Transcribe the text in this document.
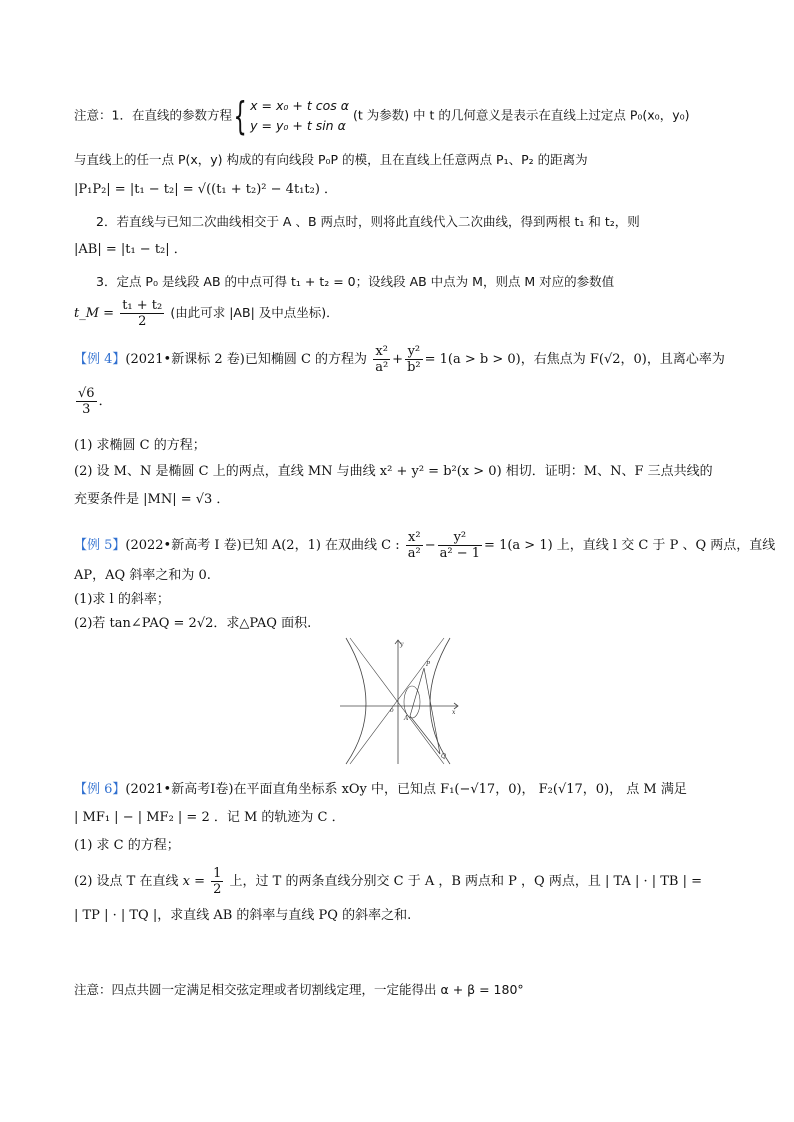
注意：1．在直线的参数方程{ x = x₀ + t cos α
y = y₀ + t sin α
(t 为参数) 中 t 的几何意义是表示在直线上过定点 P₀(x₀，y₀)
与直线上的任一点 P(x，y) 构成的有向线段 P₀P 的模，且在直线上任意两点 P₁、P₂ 的距离为
|P₁P₂| = |t₁ − t₂| = √((t₁ + t₂)² − 4t₁t₂) ．
2．若直线与已知二次曲线相交于 A 、B 两点时，则将此直线代入二次曲线，得到两根 t₁ 和 t₂，则
|AB| = |t₁ − t₂| ．
3．定点 P₀ 是线段 AB 的中点可得 t₁ + t₂ = 0；设线段 AB 中点为 M，则点 M 对应的参数值
t_M = $\frac{\text{t₁ + t₂}}{2}$ (由此可求 |AB| 及中点坐标)．
【例 4】(2021•新课标 2 卷)已知椭圆 C 的方程为 $\frac{\text{x²}}{\text{a²}} + \frac{\text{y²}}{\text{b²}} = 1(a > b > 0)$，右焦点为 F(√2，0)，且离心率为
$\frac{√6}{3}$ ．
(1) 求椭圆 C 的方程；
(2) 设 M、N 是椭圆 C 上的两点，直线 MN 与曲线 x² + y² = b²(x > 0) 相切．证明：M、N、F 三点共线的
充要条件是 |MN| = √3 ．
【例 5】(2022•新高考 Ⅰ 卷)已知 A(2，1) 在双曲线 C : $\frac{\text{x²}}{\text{a²}} - \frac{\text{y²}}{\text{a² − 1}} = 1(a > 1)$ 上，直线 l 交 C 于 P 、Q 两点，直线
AP，AQ 斜率之和为 0.
(1)求 l 的斜率；
(2)若 tan∠PAQ = 2√2．求△PAQ 面积.
y
x
o
A
P
Q
【例 6】(2021•新高考Ⅰ卷)在平面直角坐标系 xOy 中，已知点 F₁(−√17，0)， F₂(√17，0)， 点 M 满足
| MF₁ | − | MF₂ | = 2 ．记 M 的轨迹为 C ．
(1) 求 C 的方程；
(2) 设点 T 在直线 $x = \frac{1}{2}$ 上，过 T 的两条直线分别交 C 于 A ，B 两点和 P ，Q 两点，且 | TA | · | TB | =
| TP | · | TQ |，求直线 AB 的斜率与直线 PQ 的斜率之和.
注意：四点共圆一定满足相交弦定理或者切割线定理，一定能得出 α + β = 180°
